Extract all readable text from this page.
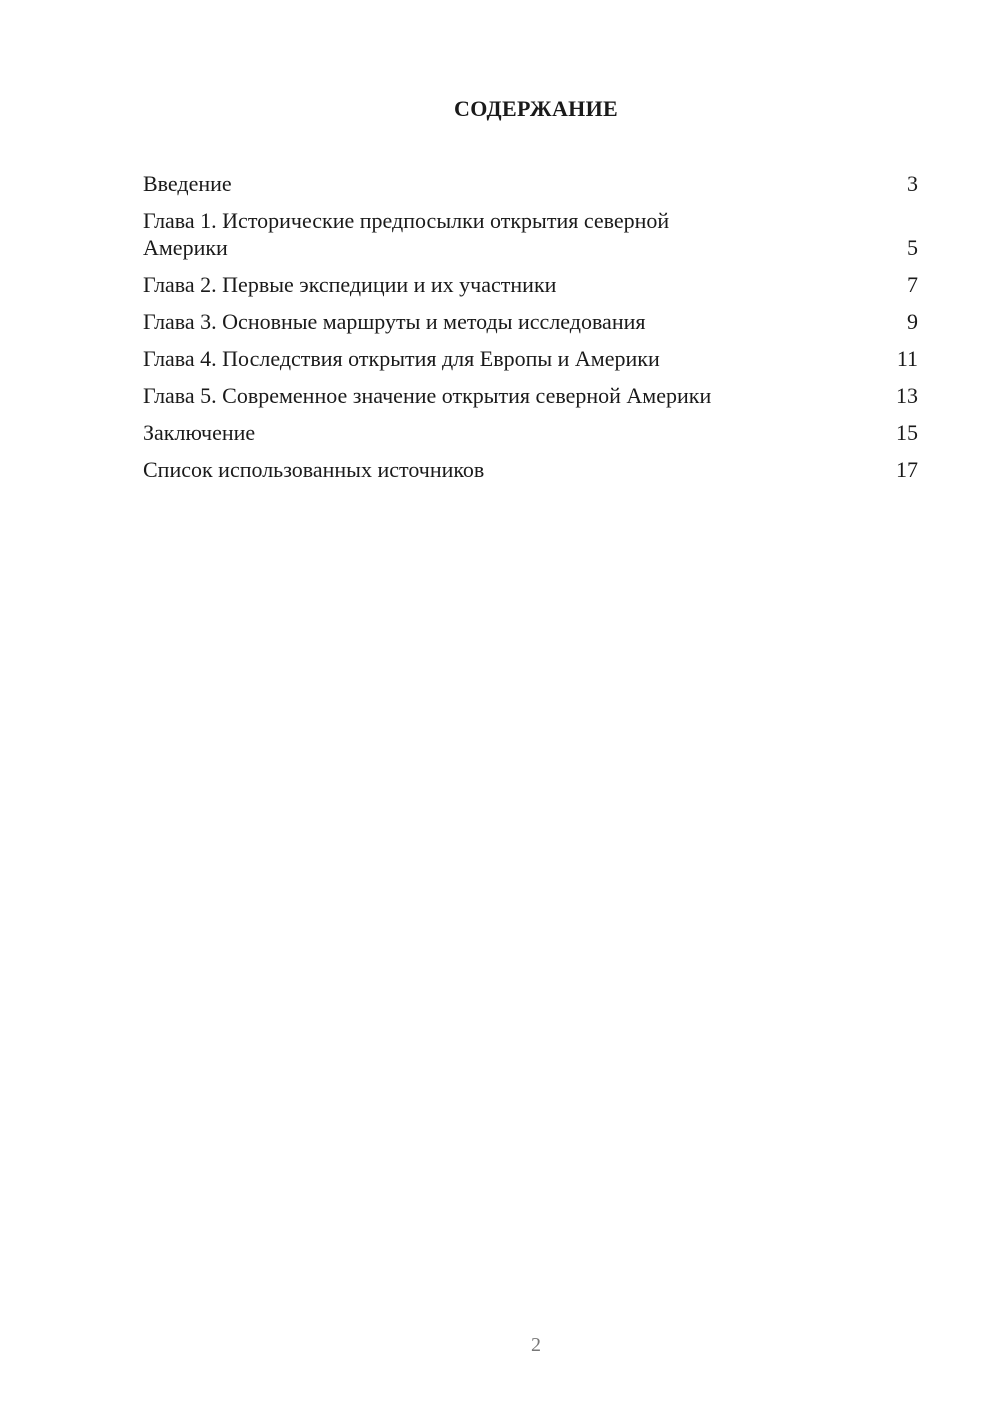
СОДЕРЖАНИЕ
Введение	3
Глава 1. Исторические предпосылки открытия северной Америки	5
Глава 2. Первые экспедиции и их участники	7
Глава 3. Основные маршруты и методы исследования	9
Глава 4. Последствия открытия для Европы и Америки	11
Глава 5. Современное значение открытия северной Америки	13
Заключение	15
Список использованных источников	17
2
